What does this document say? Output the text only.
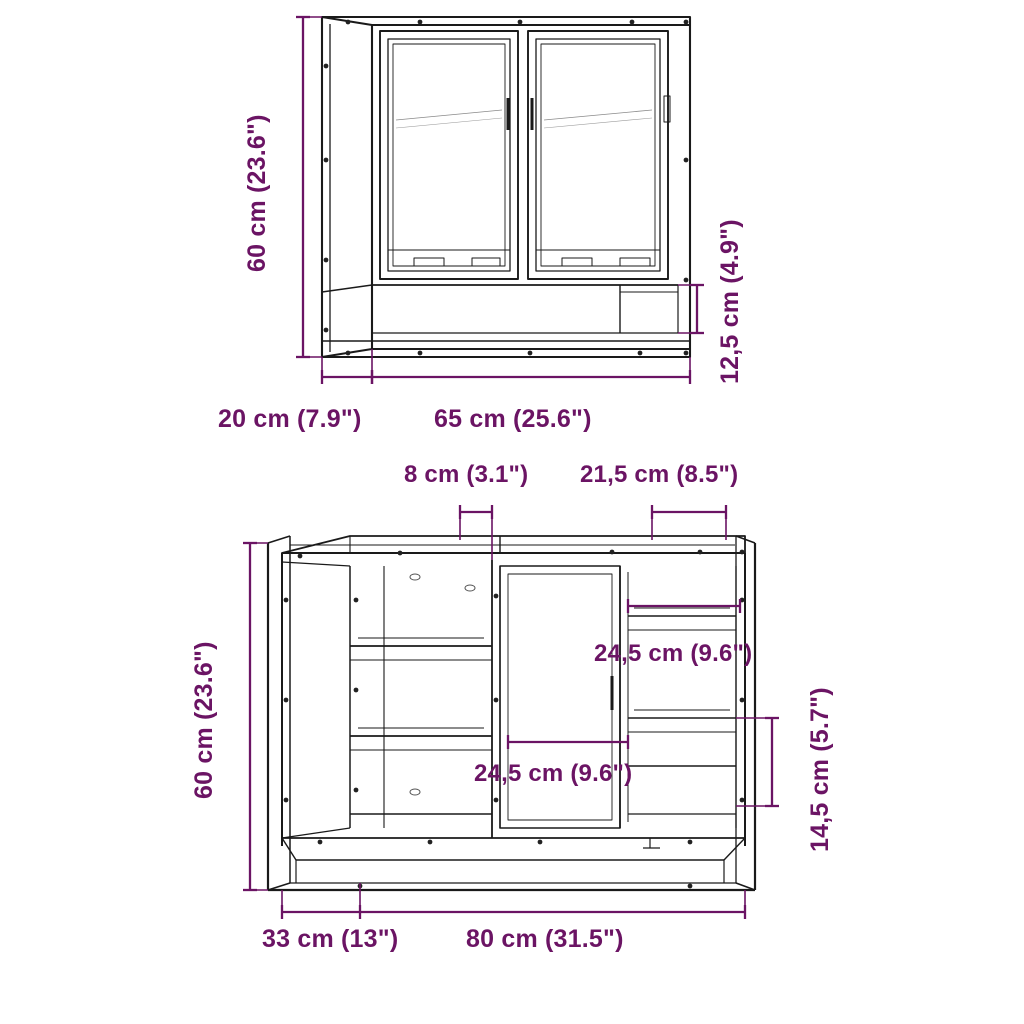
60 cm (23.6")
20 cm (7.9")	65 cm (25.6")
12,5 cm (4.9")
8 cm (3.1") 21,5 cm (8.5")
60 cm (23.6")	24,5 cm (9.6")
24,5 cm (9.6")	14,5 cm (5.7")
33 cm (13")	80 cm (31.5")
